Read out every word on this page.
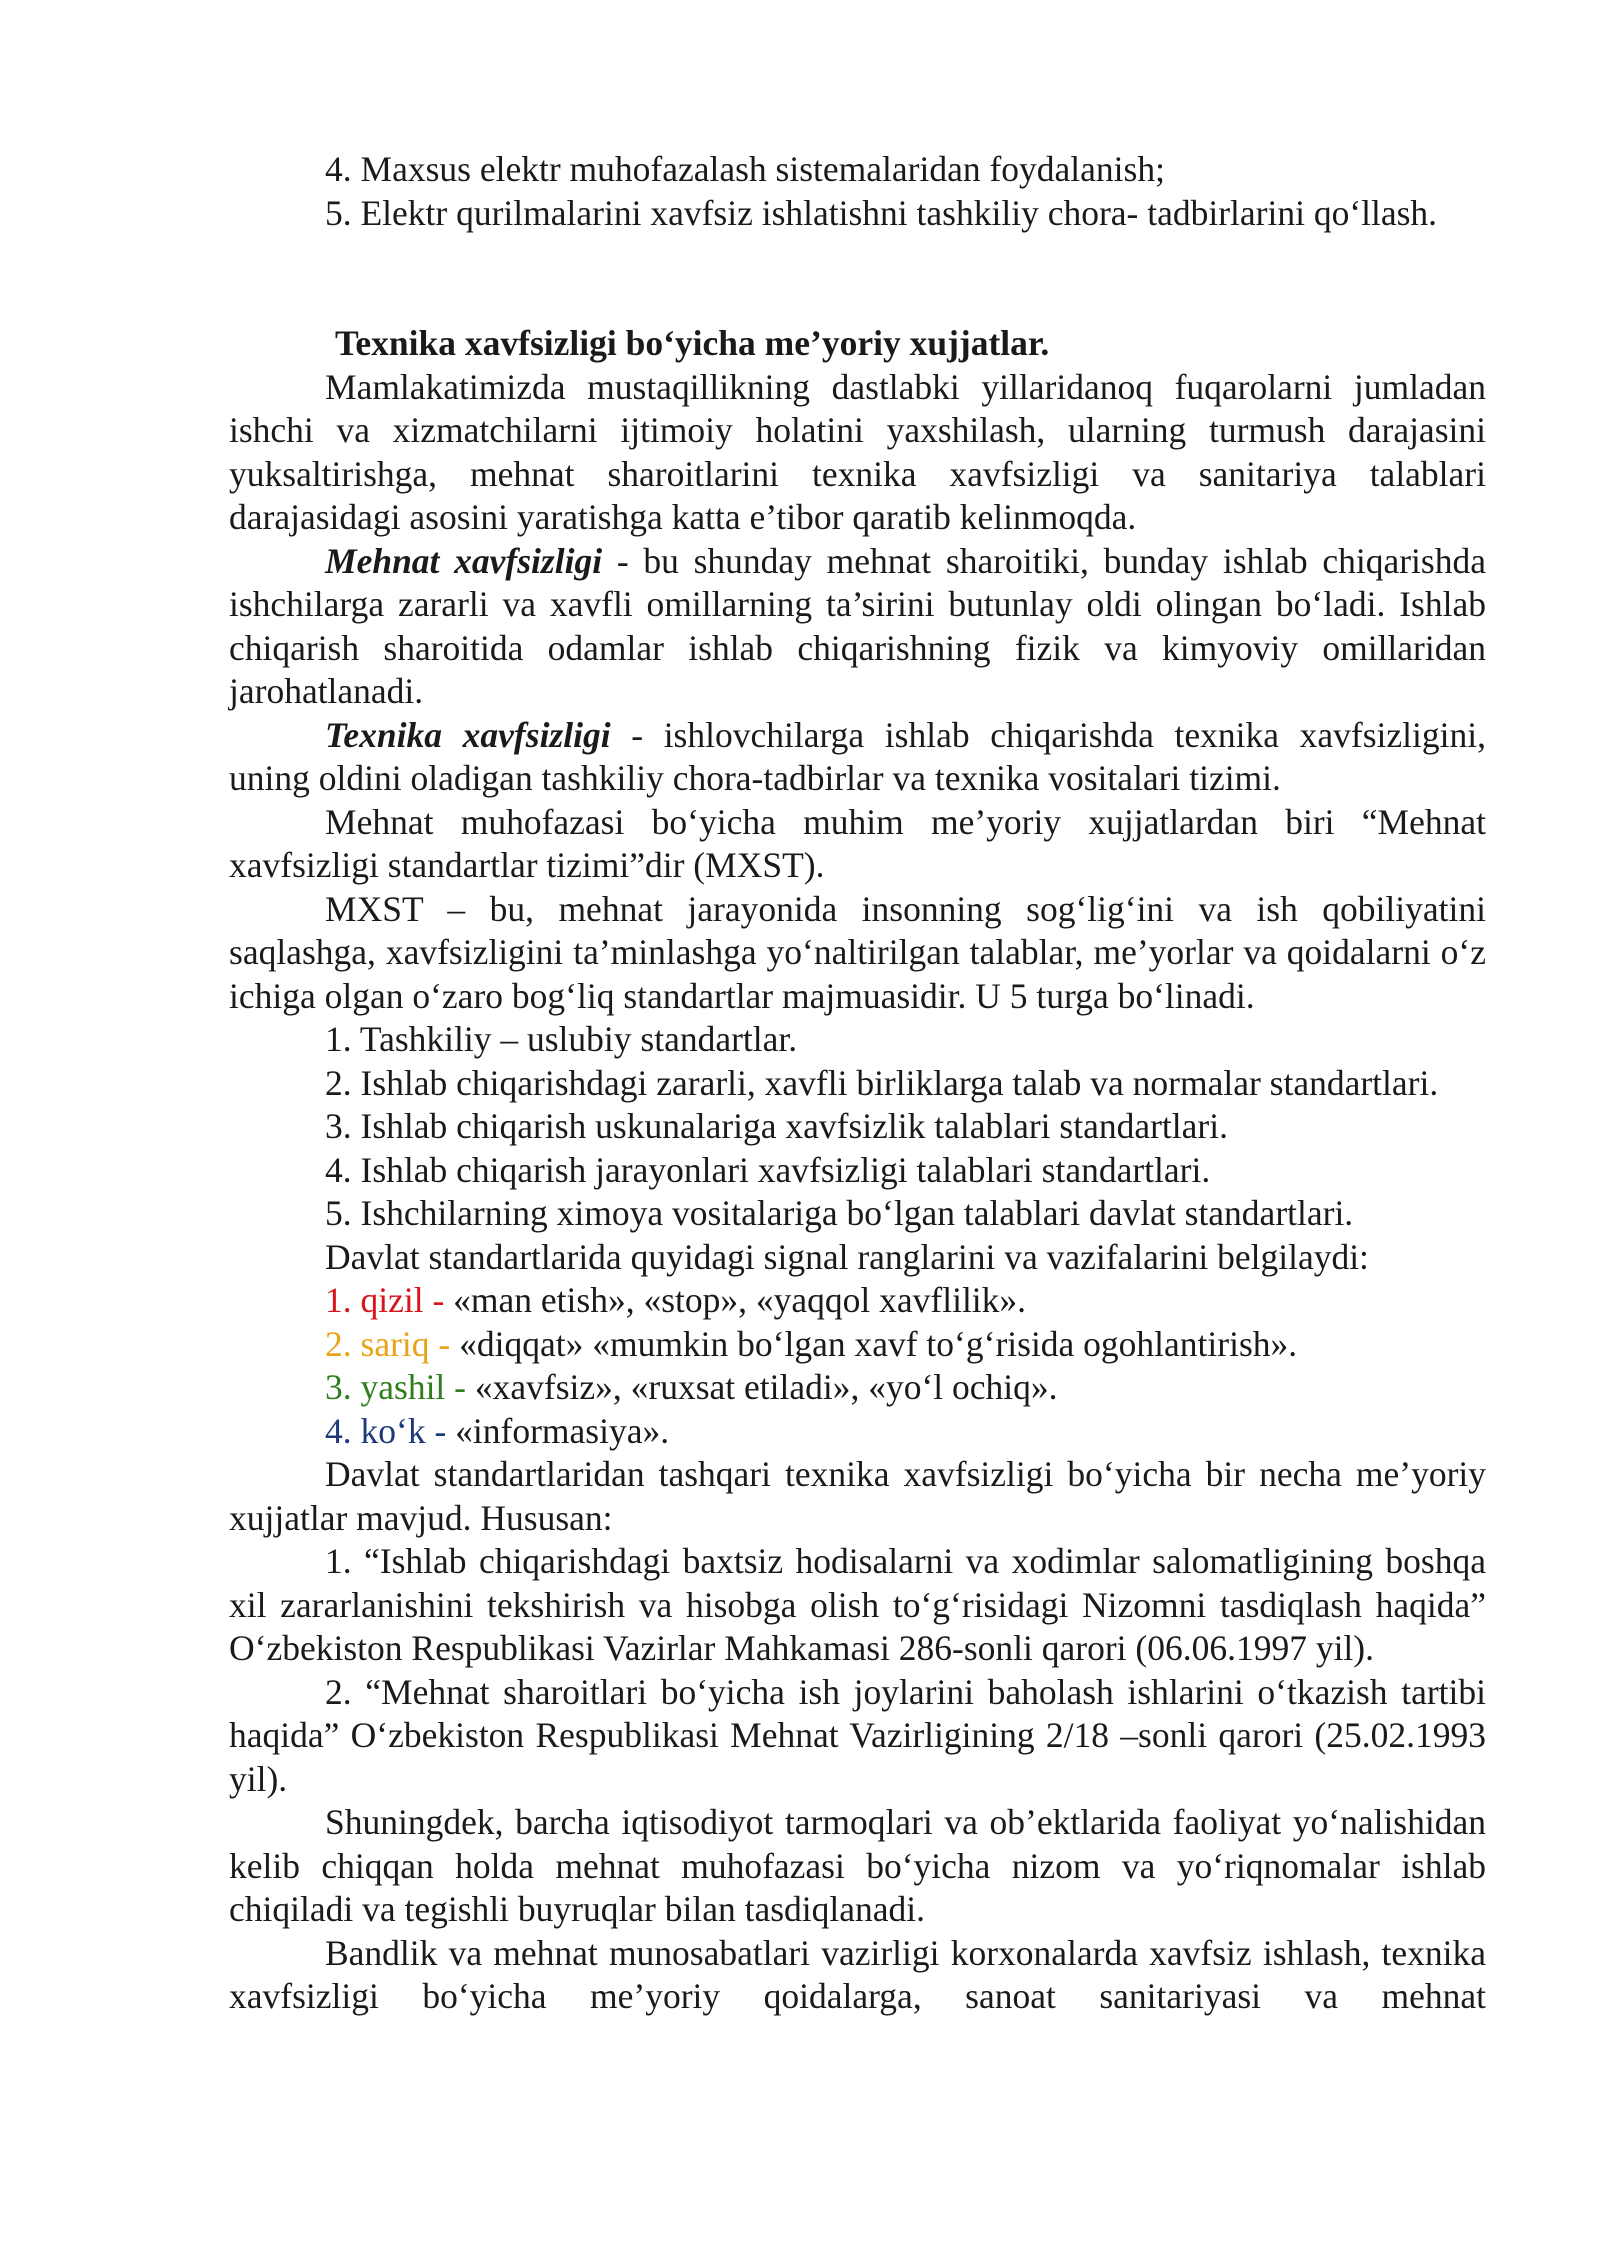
4. Maxsus elektr muhofazalash sistemalaridan foydalanish;

5. Elektr qurilmalarini xavfsiz ishlatishni tashkiliy chora- tadbirlarini qo‘llash.

Texnika xavfsizligi bo‘yicha me’yoriy xujjatlar.

Mamlakatimizda mustaqillikning dastlabki yillaridanoq fuqarolarni jumladan ishchi va xizmatchilarni ijtimoiy holatini yaxshilash, ularning turmush darajasini yuksaltirishga, mehnat sharoitlarini texnika xavfsizligi va sanitariya talablari darajasidagi asosini yaratishga katta e’tibor qaratib kelinmoqda.

Mehnat xavfsizligi - bu shunday mehnat sharoitiki, bunday ishlab chiqarishda ishchilarga zararli va xavfli omillarning ta’sirini butunlay oldi olingan bo‘ladi. Ishlab chiqarish sharoitida odamlar ishlab chiqarishning fizik va kimyoviy omillaridan jarohatlanadi.

Texnika xavfsizligi - ishlovchilarga ishlab chiqarishda texnika xavfsizligini, uning oldini oladigan tashkiliy chora-tadbirlar va texnika vositalari tizimi.

Mehnat muhofazasi bo‘yicha muhim me’yoriy xujjatlardan biri “Mehnat xavfsizligi standartlar tizimi”dir (MXST).

MXST – bu, mehnat jarayonida insonning sog‘lig‘ini va ish qobiliyatini saqlashga, xavfsizligini ta’minlashga yo‘naltirilgan talablar, me’yorlar va qoidalarni o‘z ichiga olgan o‘zaro bog‘liq standartlar majmuasidir. U 5 turga bo‘linadi.

1. Tashkiliy – uslubiy standartlar.

2. Ishlab chiqarishdagi zararli, xavfli birliklarga talab va normalar standartlari.

3. Ishlab chiqarish uskunalariga xavfsizlik talablari standartlari.

4. Ishlab chiqarish jarayonlari xavfsizligi talablari standartlari.

5. Ishchilarning ximoya vositalariga bo‘lgan talablari davlat standartlari.

Davlat standartlarida quyidagi signal ranglarini va vazifalarini belgilaydi:

1. qizil - «man etish», «stop», «yaqqol xavflilik».

2. sariq - «diqqat» «mumkin bo‘lgan xavf to‘g‘risida ogohlantirish».

3. yashil - «xavfsiz», «ruxsat etiladi», «yo‘l ochiq».

4. ko‘k - «informasiya».

Davlat standartlaridan tashqari texnika xavfsizligi bo‘yicha bir necha me’yoriy xujjatlar mavjud. Hususan:

1. “Ishlab chiqarishdagi baxtsiz hodisalarni va xodimlar salomatligining boshqa xil zararlanishini tekshirish va hisobga olish to‘g‘risidagi Nizomni tasdiqlash haqida” O‘zbekiston Respublikasi Vazirlar Mahkamasi 286-sonli qarori (06.06.1997 yil).

2. “Mehnat sharoitlari bo‘yicha ish joylarini baholash ishlarini o‘tkazish tartibi haqida” O‘zbekiston Respublikasi Mehnat Vazirligining 2/18 –sonli qarori (25.02.1993 yil).

Shuningdek, barcha iqtisodiyot tarmoqlari va ob’ektlarida faoliyat yo‘nalishidan kelib chiqqan holda mehnat muhofazasi bo‘yicha nizom va yo‘riqnomalar ishlab chiqiladi va tegishli buyruqlar bilan tasdiqlanadi.

Bandlik va mehnat munosabatlari vazirligi korxonalarda xavfsiz ishlash, texnika xavfsizligi bo‘yicha me’yoriy qoidalarga, sanoat sanitariyasi va mehnat
